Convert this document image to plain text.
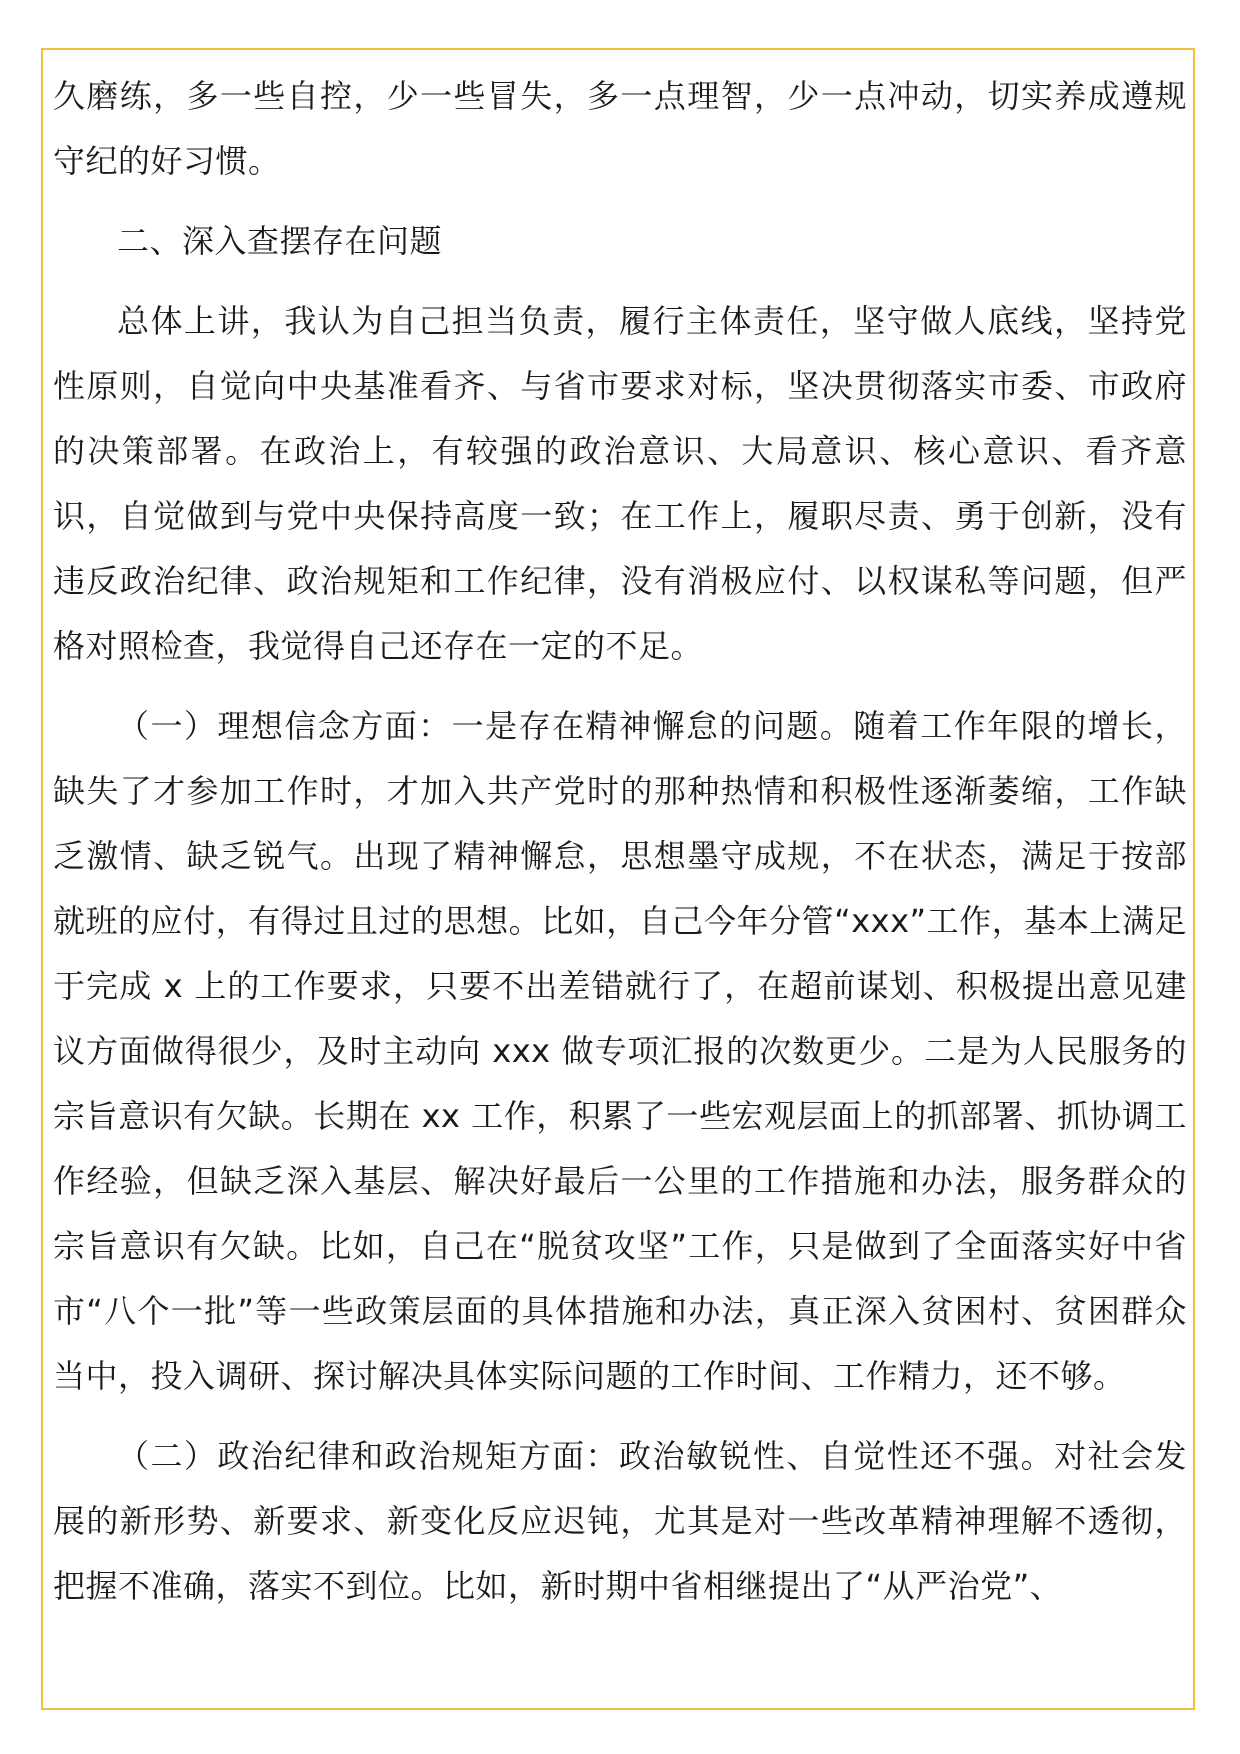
久磨练，多一些自控，少一些冒失，多一点理智，少一点冲动，切实养成遵规守纪的好习惯。

二、深入查摆存在问题

总体上讲，我认为自己担当负责，履行主体责任，坚守做人底线，坚持党性原则，自觉向中央基准看齐、与省市要求对标，坚决贯彻落实市委、市政府的决策部署。在政治上，有较强的政治意识、大局意识、核心意识、看齐意识，自觉做到与党中央保持高度一致；在工作上，履职尽责、勇于创新，没有违反政治纪律、政治规矩和工作纪律，没有消极应付、以权谋私等问题，但严格对照检查，我觉得自己还存在一定的不足。

（一）理想信念方面：一是存在精神懈怠的问题。随着工作年限的增长，缺失了才参加工作时，才加入共产党时的那种热情和积极性逐渐萎缩，工作缺乏激情、缺乏锐气。出现了精神懈怠，思想墨守成规，不在状态，满足于按部就班的应付，有得过且过的思想。比如，自己今年分管“xxx”工作，基本上满足于完成 x 上的工作要求，只要不出差错就行了，在超前谋划、积极提出意见建议方面做得很少，及时主动向 xxx 做专项汇报的次数更少。二是为人民服务的宗旨意识有欠缺。长期在 xx 工作，积累了一些宏观层面上的抓部署、抓协调工作经验，但缺乏深入基层、解决好最后一公里的工作措施和办法，服务群众的宗旨意识有欠缺。比如，自己在“脱贫攻坚”工作，只是做到了全面落实好中省市“八个一批”等一些政策层面的具体措施和办法，真正深入贫困村、贫困群众当中，投入调研、探讨解决具体实际问题的工作时间、工作精力，还不够。

（二）政治纪律和政治规矩方面：政治敏锐性、自觉性还不强。对社会发展的新形势、新要求、新变化反应迟钝，尤其是对一些改革精神理解不透彻，把握不准确，落实不到位。比如，新时期中省相继提出了“从严治党”、
